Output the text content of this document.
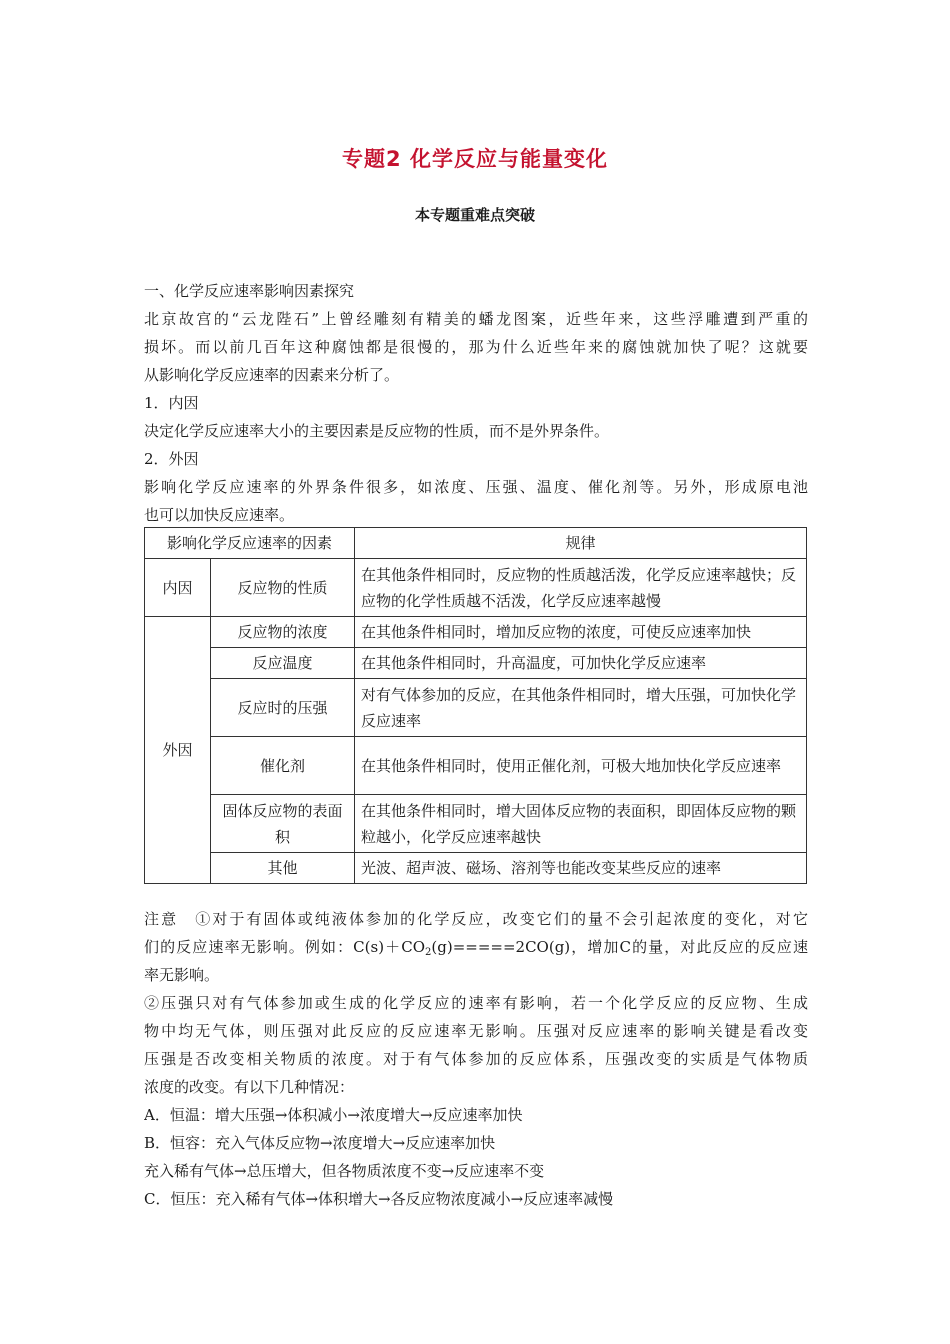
专题2 化学反应与能量变化
本专题重难点突破
一、化学反应速率影响因素探究
北京故宫的“云龙陛石”上曾经雕刻有精美的蟠龙图案，近些年来，这些浮雕遭到严重的
损坏。而以前几百年这种腐蚀都是很慢的，那为什么近些年来的腐蚀就加快了呢？这就要
从影响化学反应速率的因素来分析了。
1．内因
决定化学反应速率大小的主要因素是反应物的性质，而不是外界条件。
2．外因
影响化学反应速率的外界条件很多，如浓度、压强、温度、催化剂等。另外，形成原电池
也可以加快反应速率。
影响化学反应速率的因素		规律
内因	反应物的性质	在其他条件相同时，反应物的性质越活泼，化学反应速率越快；反应物的化学性质越不活泼，化学反应速率越慢
外因	反应物的浓度	在其他条件相同时，增加反应物的浓度，可使反应速率加快
	反应温度	在其他条件相同时，升高温度，可加快化学反应速率
	反应时的压强	对有气体参加的反应，在其他条件相同时，增大压强，可加快化学反应速率
	催化剂	在其他条件相同时，使用正催化剂，可极大地加快化学反应速率
	固体反应物的表面积	在其他条件相同时，增大固体反应物的表面积，即固体反应物的颗粒越小，化学反应速率越快
	其他	光波、超声波、磁场、溶剂等也能改变某些反应的速率
注意　①对于有固体或纯液体参加的化学反应，改变它们的量不会引起浓度的变化，对它
们的反应速率无影响。例如：$C(s)+CO_2(g)=====2CO(g)$，增加C的量，对此反应的反应速
率无影响。
②压强只对有气体参加或生成的化学反应的速率有影响，若一个化学反应的反应物、生成
物中均无气体，则压强对此反应的反应速率无影响。压强对反应速率的影响关键是看改变
压强是否改变相关物质的浓度。对于有气体参加的反应体系，压强改变的实质是气体物质
浓度的改变。有以下几种情况：
A．恒温：增大压强→体积减小→浓度增大→反应速率加快
B．恒容：充入气体反应物→浓度增大→反应速率加快
充入稀有气体→总压增大，但各物质浓度不变→反应速率不变
C．恒压：充入稀有气体→体积增大→各反应物浓度减小→反应速率减慢
